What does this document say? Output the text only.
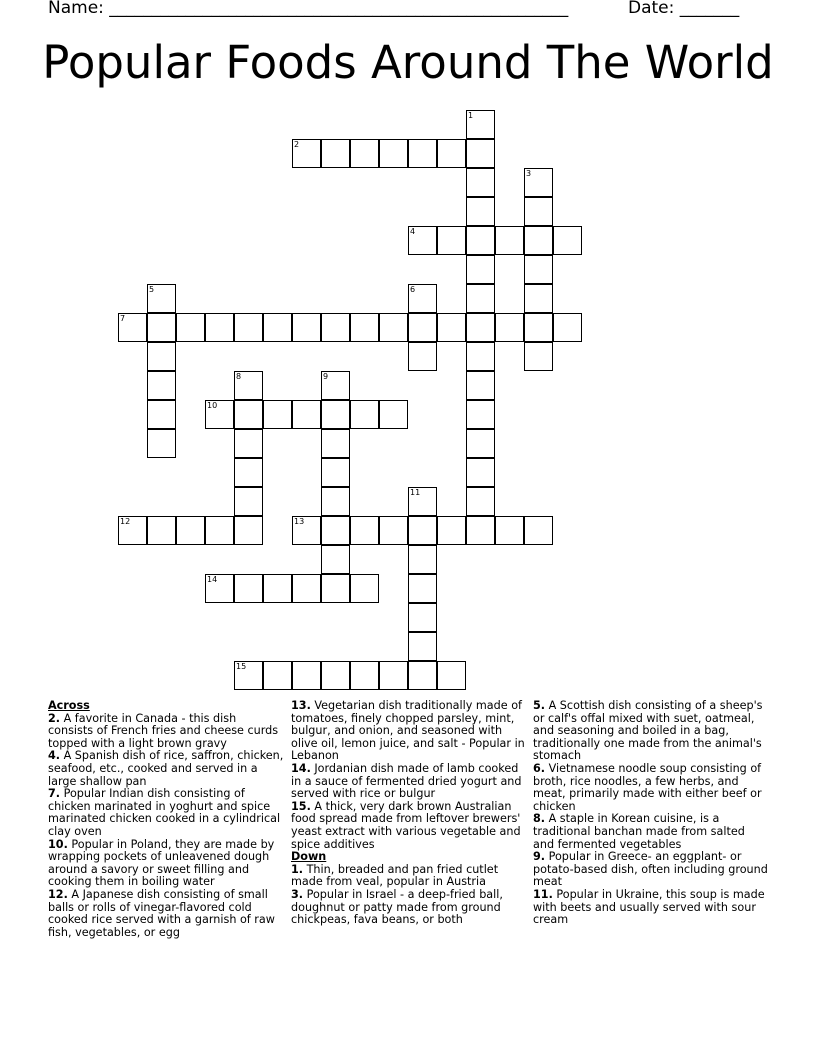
Name: ______________________________________________________	Date: _______
Popular Foods Around The World
1
2
3
4
5	6
7
8	9
10
11
12	13
14
15
Across
2. A favorite in Canada - this dish consists of French fries and cheese curds topped with a light brown gravy
4. A Spanish dish of rice, saffron, chicken, seafood, etc., cooked and served in a large shallow pan
7. Popular Indian dish consisting of chicken marinated in yoghurt and spice marinated chicken cooked in a cylindrical clay oven
10. Popular in Poland, they are made by wrapping pockets of unleavened dough around a savory or sweet filling and cooking them in boiling water
12. A Japanese dish consisting of small balls or rolls of vinegar-flavored cold cooked rice served with a garnish of raw fish, vegetables, or egg
13. Vegetarian dish traditionally made of tomatoes, finely chopped parsley, mint, bulgur, and onion, and seasoned with olive oil, lemon juice, and salt - Popular in Lebanon
14. Jordanian dish made of lamb cooked in a sauce of fermented dried yogurt and served with rice or bulgur
15. A thick, very dark brown Australian food spread made from leftover brewers' yeast extract with various vegetable and spice additives
Down
1. Thin, breaded and pan fried cutlet made from veal, popular in Austria
3. Popular in Israel - a deep-fried ball, doughnut or patty made from ground chickpeas, fava beans, or both
5. A Scottish dish consisting of a sheep's or calf's offal mixed with suet, oatmeal, and seasoning and boiled in a bag, traditionally one made from the animal's stomach
6. Vietnamese noodle soup consisting of broth, rice noodles, a few herbs, and meat, primarily made with either beef or chicken
8. A staple in Korean cuisine, is a traditional banchan made from salted and fermented vegetables
9. Popular in Greece- an eggplant- or potato-based dish, often including ground meat
11. Popular in Ukraine, this soup is made with beets and usually served with sour cream
